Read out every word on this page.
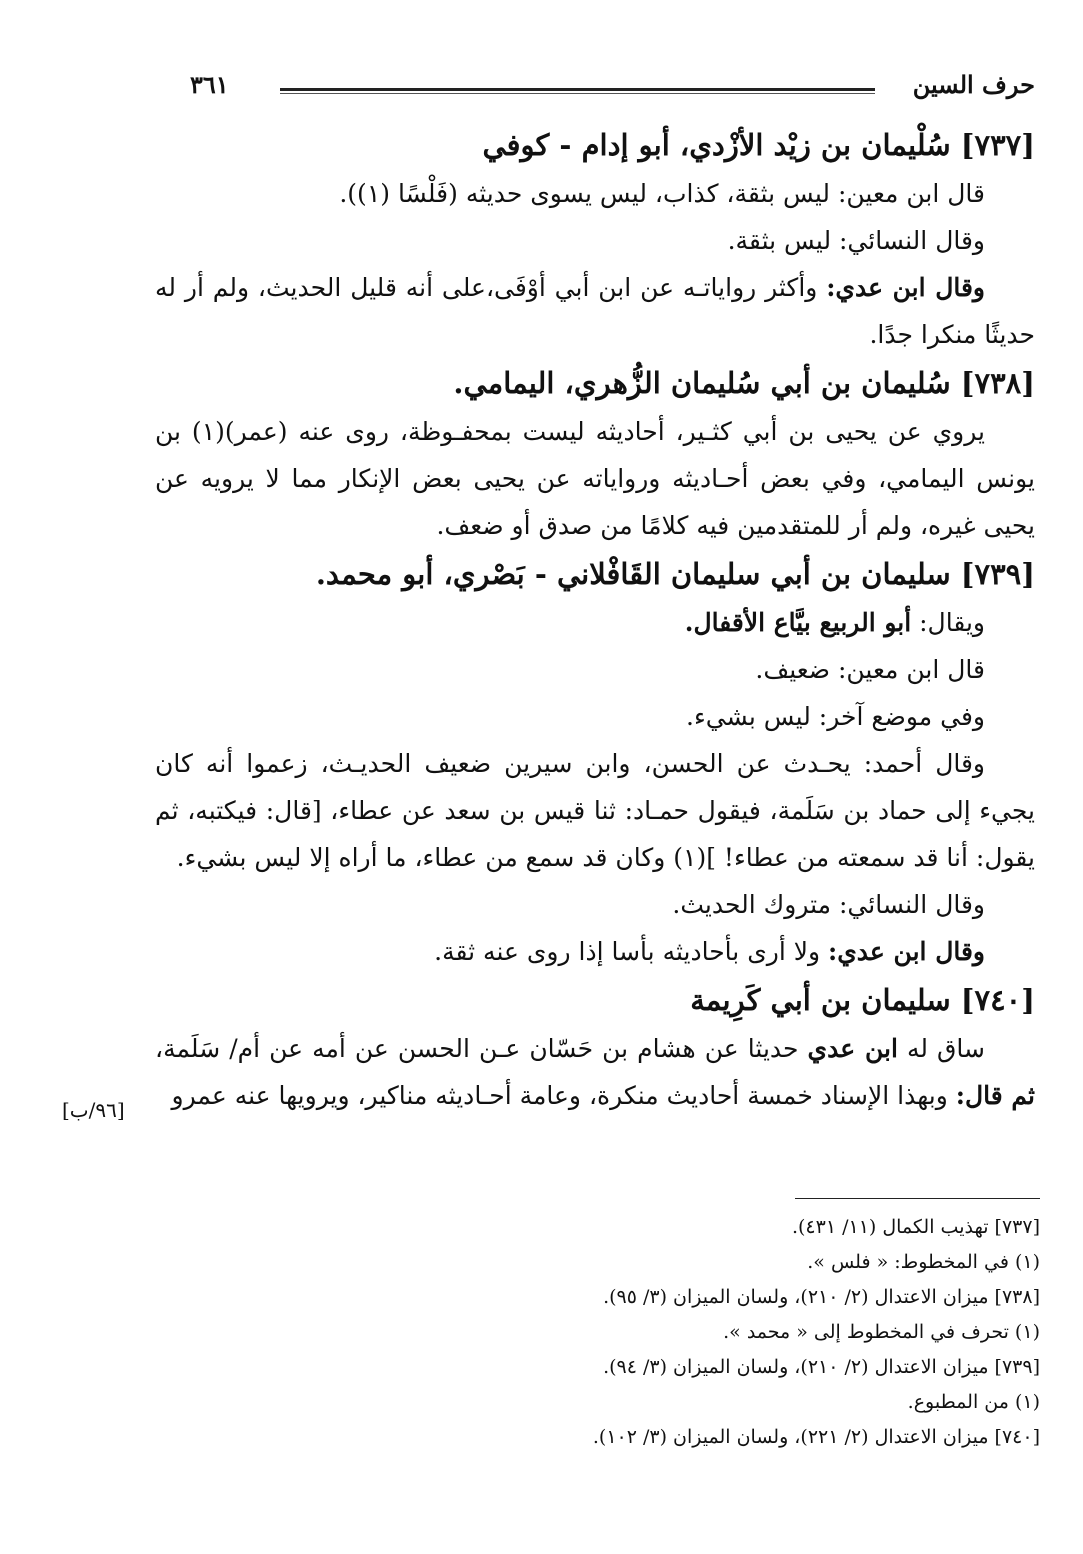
٣٦١	حرف السين
[٧٣٧] سُلْيمان بن زيْد الأزْدي، أبو إدام - كوفي

قال ابن معين: ليس بثقة، كذاب، ليس يسوى حديثه (فَلْسًا (١)).

وقال النسائي: ليس بثقة.

وقال ابن عدي: وأكثر رواياتـه عن ابن أبي أوْفَى،على أنه قليل الحديث، ولم أر له حديثًا منكرا جدًا.

[٧٣٨] سُليمان بن أبي سُليمان الزُّهري، اليمامي.

يروي عن يحيى بن أبي كثـير، أحاديثه ليست بمحفـوظة، روى عنه (عمر)(١) بن يونس اليمامي، وفي بعض أحـاديثه ورواياته عن يحيى بعض الإنكار مما لا يرويه عن يحيى غيره، ولم أر للمتقدمين فيه كلامًا من صدق أو ضعف.

[٧٣٩] سليمان بن أبي سليمان القَافْلاني - بَصْري، أبو محمد.

ويقال: أبو الربيع بيَّاع الأقفال.

قال ابن معين: ضعيف.

وفي موضع آخر: ليس بشيء.

وقال أحمد: يحـدث عن الحسن، وابن سيرين ضعيف الحديـث، زعموا أنه كان يجيء إلى حماد بن سَلَمة، فيقول حمـاد: ثنا قيس بن سعد عن عطاء، [قال: فيكتبه، ثم يقول: أنا قد سمعته من عطاء! ](١) وكان قد سمع من عطاء، ما أراه إلا ليس بشيء.

وقال النسائي: متروك الحديث.

وقال ابن عدي: ولا أرى بأحاديثه بأسا إذا روى عنه ثقة.

[٧٤٠] سليمان بن أبي كَرِيمة

ساق له ابن عدي حديثا عن هشام بن حَسّان عـن الحسن عن أمه عن أم/ سَلَمة، ثم قال: وبهذا الإسناد خمسة أحاديث منكرة، وعامة أحـاديثه مناكير، ويرويها عنه عمرو

[٩٦/ب]

[٧٣٧] تهذيب الكمال (١١/ ٤٣١).

(١) في المخطوط: « فلس ».

[٧٣٨] ميزان الاعتدال (٢/ ٢١٠)، ولسان الميزان (٣/ ٩٥).

(١) تحرف في المخطوط إلى « محمد ».

[٧٣٩] ميزان الاعتدال (٢/ ٢١٠)، ولسان الميزان (٣/ ٩٤).

(١) من المطبوع.

[٧٤٠] ميزان الاعتدال (٢/ ٢٢١)، ولسان الميزان (٣/ ١٠٢).
